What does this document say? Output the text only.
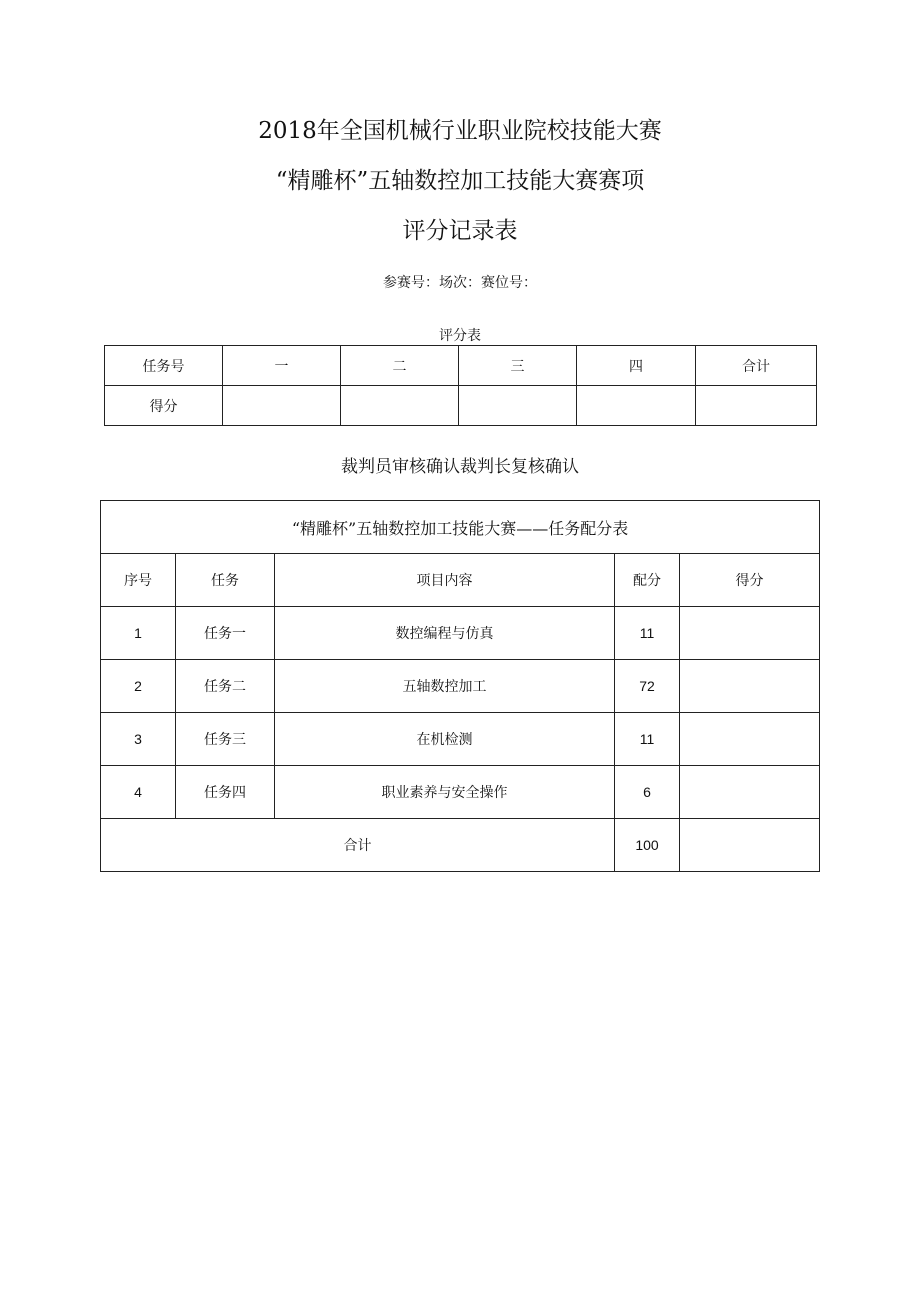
2018年全国机械行业职业院校技能大赛
“精雕杯”五轴数控加工技能大赛赛项
评分记录表
参赛号：场次：赛位号：
评分表
任务号	一	二	三	四	合计
得分					
裁判员审核确认裁判长复核确认
“精雕杯”五轴数控加工技能大赛——任务配分表				
序号	任务	项目内容	配分	得分
1	任务一	数控编程与仿真	11	
2	任务二	五轴数控加工	72	
3	任务三	在机检测	11	
4	任务四	职业素养与安全操作	6	
合计			100	
